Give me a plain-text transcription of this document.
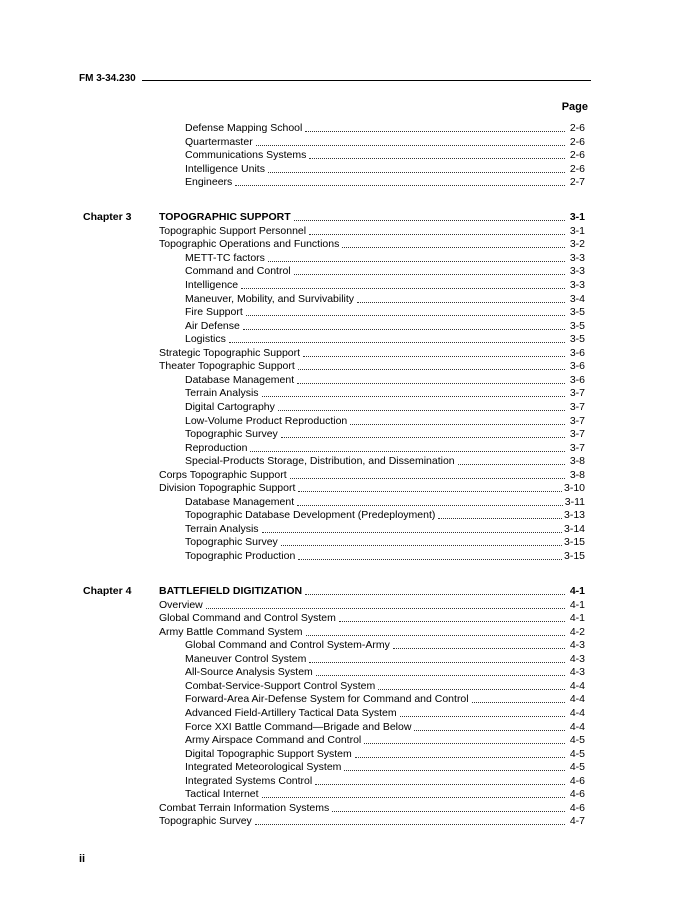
FM 3-34.230
Page
Defense Mapping School	2-6
Quartermaster	2-6
Communications Systems	2-6
Intelligence Units	2-6
Engineers	2-7
Chapter 3	TOPOGRAPHIC SUPPORT	3-1
Topographic Support Personnel	3-1
Topographic Operations and Functions	3-2
METT-TC factors	3-3
Command and Control	3-3
Intelligence	3-3
Maneuver, Mobility, and Survivability	3-4
Fire Support	3-5
Air Defense	3-5
Logistics	3-5
Strategic Topographic Support	3-6
Theater Topographic Support	3-6
Database Management	3-6
Terrain Analysis	3-7
Digital Cartography	3-7
Low-Volume Product Reproduction	3-7
Topographic Survey	3-7
Reproduction	3-7
Special-Products Storage, Distribution, and Dissemination	3-8
Corps Topographic Support	3-8
Division Topographic Support	3-10
Database Management	3-11
Topographic Database Development (Predeployment)	3-13
Terrain Analysis	3-14
Topographic Survey	3-15
Topographic Production	3-15
Chapter 4	BATTLEFIELD DIGITIZATION	4-1
Overview	4-1
Global Command and Control System	4-1
Army Battle Command System	4-2
Global Command and Control System-Army	4-3
Maneuver Control System	4-3
All-Source Analysis System	4-3
Combat-Service-Support Control System	4-4
Forward-Area Air-Defense System for Command and Control	4-4
Advanced Field-Artillery Tactical Data System	4-4
Force XXI Battle Command—Brigade and Below	4-4
Army Airspace Command and Control	4-5
Digital Topographic Support System	4-5
Integrated Meteorological System	4-5
Integrated Systems Control	4-6
Tactical Internet	4-6
Combat Terrain Information Systems	4-6
Topographic Survey	4-7
ii
